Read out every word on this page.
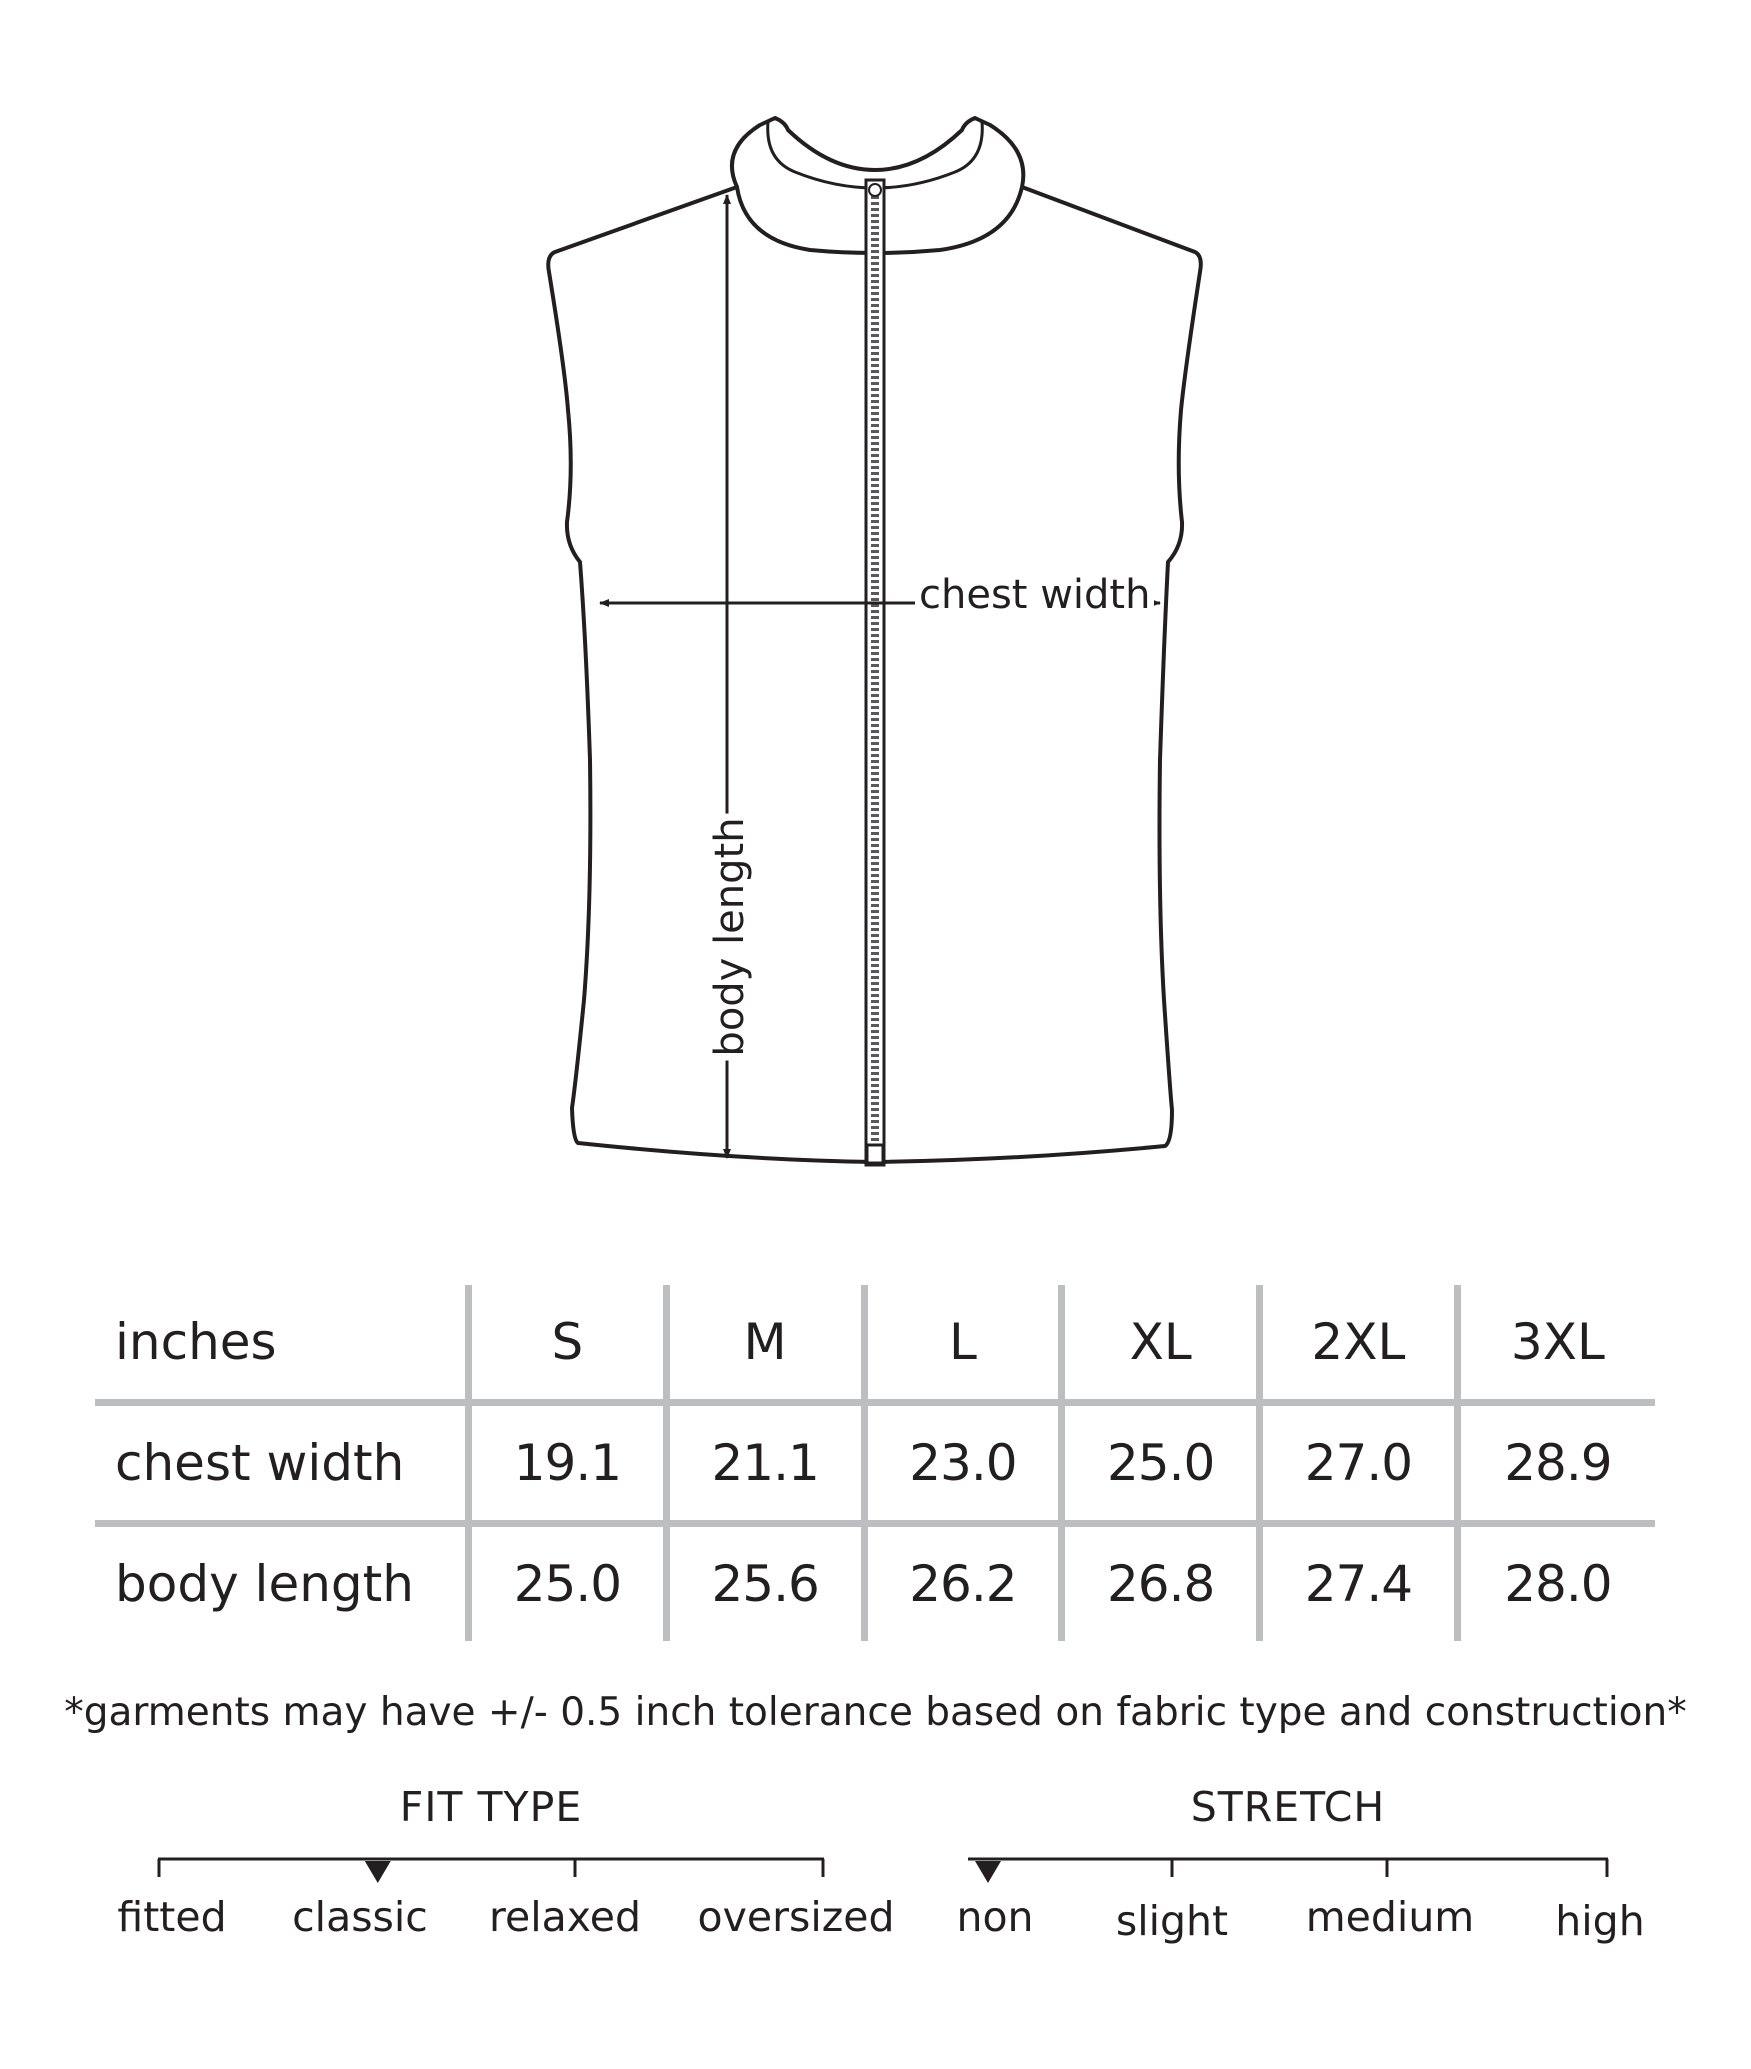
chest width
body length
inches	S	M	L	XL	2XL	3XL
chest width	19.1	21.1	23.0	25.0	27.0	28.9
body length	25.0	25.6	26.2	26.8	27.4	28.0
*garments may have +/- 0.5 inch tolerance based on fabric type and construction*
FIT TYPE	STRETCH
fitted classic relaxed oversized non slight medium high
